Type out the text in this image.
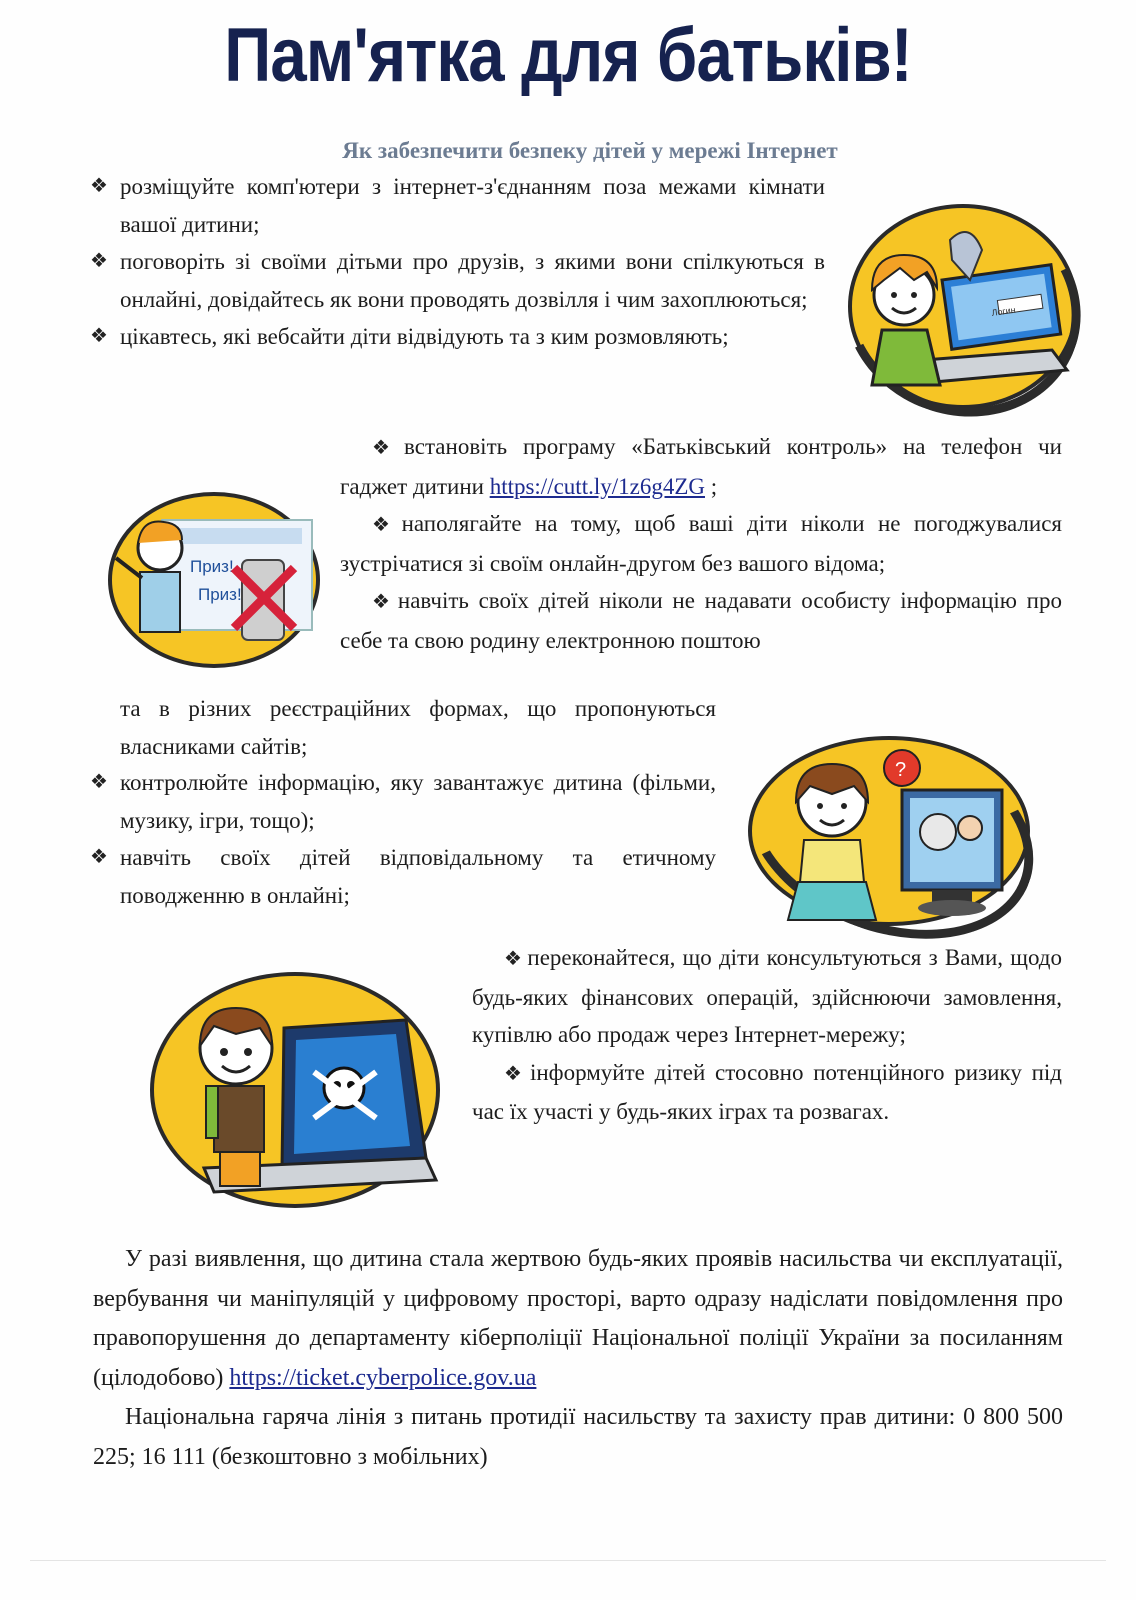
Пам'ятка для батьків!
Як забезпечити безпеку дітей у мережі Інтернет
❖ розміщуйте комп'ютери з інтернет-з'єднанням поза межами кімнати вашої дитини;
❖ поговоріть зі своїми дітьми про друзів, з якими вони спілкуються в онлайні, довідайтесь як вони проводять дозвілля і чим захоплюються;
❖ цікавтесь, які вебсайти діти відвідують та з ким розмовляють;
Логин

❖ встановіть програму «Батьківський контроль» на телефон чи гаджет дитини https://cutt.ly/1z6g4ZG ;

❖ наполягайте на тому, щоб ваші діти ніколи не погоджувалися зустрічатися зі своїм онлайн-другом без вашого відома;

❖ навчіть своїх дітей ніколи не надавати особисту інформацію про себе та свою родину електронною поштою

та в різних реєстраційних формах, що пропонуються власниками сайтів;

Приз!
Приз!
❖ контролюйте інформацію, яку завантажує дитина (фільми, музику, ігри, тощо);
❖ навчіть своїх дітей відповідальному та етичному поводженню в онлайні;
?

❖ переконайтеся, що діти консультуються з Вами, щодо будь-яких фінансових операцій, здійснюючи замовлення, купівлю або продаж через Інтернет-мережу;

❖ інформуйте дітей стосовно потенційного ризику під час їх участі у будь-яких іграх та розвагах.

У разі виявлення, що дитина стала жертвою будь-яких проявів насильства чи експлуатації, вербування чи маніпуляцій у цифровому просторі, варто одразу надіслати повідомлення про правопорушення до департаменту кіберполіції Національної поліції України за посиланням (цілодобово) https://ticket.cyberpolice.gov.ua

Національна гаряча лінія з питань протидії насильству та захисту прав дитини: 0 800 500 225; 16 111 (безкоштовно з мобільних)
